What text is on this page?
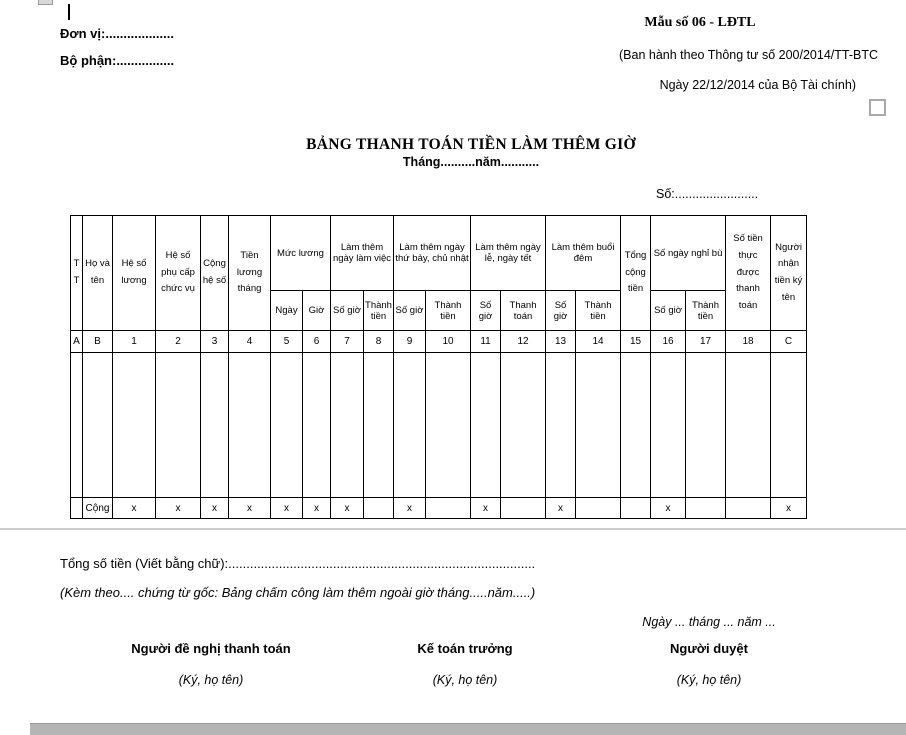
Đơn vị:...................
Bộ phận:................
Mẫu số 06 - LĐTL
(Ban hành theo Thông tư số 200/2014/TT-BTC
Ngày 22/12/2014 của Bộ Tài chính)
BẢNG THANH TOÁN TIỀN LÀM THÊM GIỜ
Tháng..........năm...........
Số:........................
TT	Họ và tên	Hệ số lương	Hệ số phụ cấp chức vụ	Cộng hệ số	Tiền lương tháng	Mức lương		Làm thêm ngày làm việc		Làm thêm ngày thứ bảy, chủ nhật		Làm thêm ngày lễ, ngày tết		Làm thêm buổi đêm		Tổng cộng tiền	Số ngày nghỉ bù		Số tiền thực được thanh toán	Người nhận tiền ký tên
						Ngày	Giờ	Số giờ	Thành tiền	Số giờ	Thành tiền	Số giờ	Thanh toán	Số giờ	Thành tiền		Số giờ	Thành tiền		
A	B	1	2	3	4	5	6	7	8	9	10	11	12	13	14	15	16	17	18	C

	Cộng	x	x	x	x	x	x	x		x		x		x			x			x
Tổng số tiền (Viết bằng chữ):.....................................................................................
(Kèm theo.... chứng từ gốc: Bảng chấm công làm thêm ngoài giờ tháng.....năm.....)
Ngày ... tháng ... năm ...
Người đề nghị thanh toán
(Ký, họ tên)
Kế toán trưởng
(Ký, họ tên)
Người duyệt
(Ký, họ tên)
